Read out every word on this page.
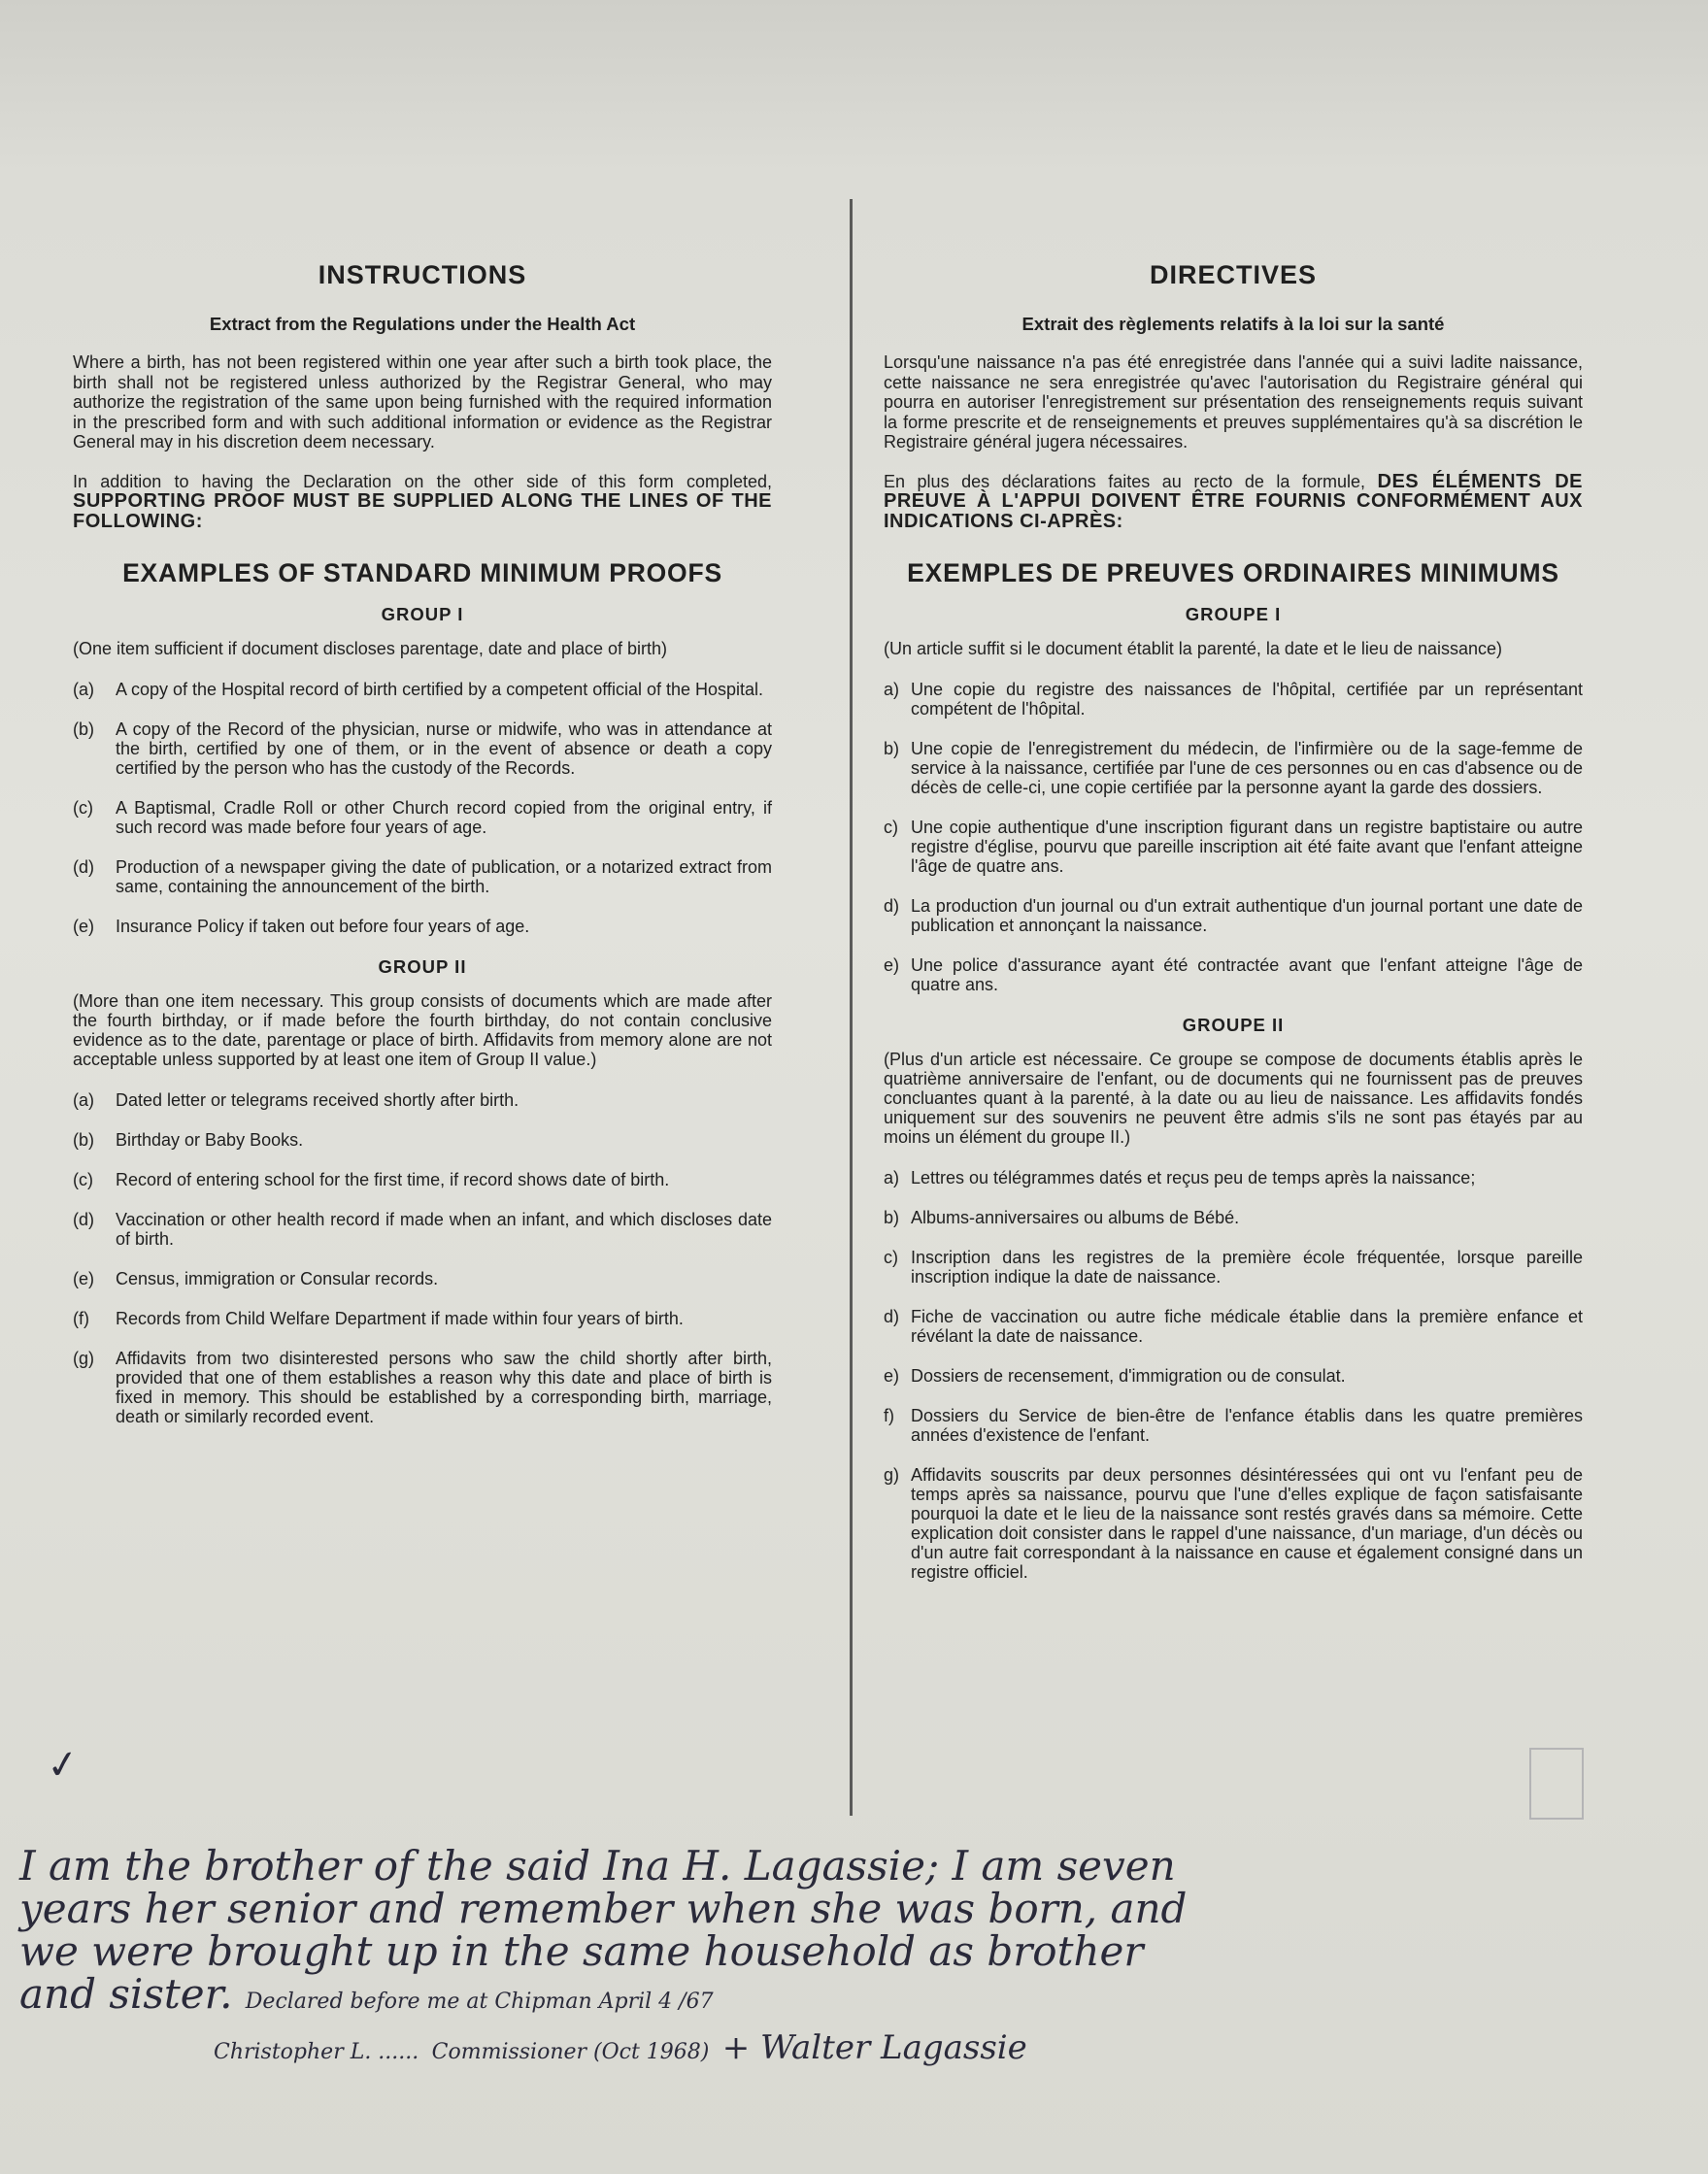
INSTRUCTIONS
Extract from the Regulations under the Health Act

Where a birth, has not been registered within one year after such a birth took place, the birth shall not be registered unless authorized by the Registrar General, who may authorize the registration of the same upon being furnished with the required information in the prescribed form and with such additional information or evidence as the Registrar General may in his discretion deem necessary.

In addition to having the Declaration on the other side of this form completed, SUPPORTING PROOF MUST BE SUPPLIED ALONG THE LINES OF THE FOLLOWING:

EXAMPLES OF STANDARD MINIMUM PROOFS
GROUP I
(One item sufficient if document discloses parentage, date and place of birth)
(a)	A copy of the Hospital record of birth certified by a competent official of the Hospital.
(b)	A copy of the Record of the physician, nurse or midwife, who was in attendance at the birth, certified by one of them, or in the event of absence or death a copy certified by the person who has the custody of the Records.
(c)	A Baptismal, Cradle Roll or other Church record copied from the original entry, if such record was made before four years of age.
(d)	Production of a newspaper giving the date of publication, or a notarized extract from same, containing the announcement of the birth.
(e)	Insurance Policy if taken out before four years of age.
GROUP II
(More than one item necessary. This group consists of documents which are made after the fourth birthday, or if made before the fourth birthday, do not contain conclusive evidence as to the date, parentage or place of birth. Affidavits from memory alone are not acceptable unless supported by at least one item of Group II value.)
(a)	Dated letter or telegrams received shortly after birth.
(b)	Birthday or Baby Books.
(c)	Record of entering school for the first time, if record shows date of birth.
(d)	Vaccination or other health record if made when an infant, and which discloses date of birth.
(e)	Census, immigration or Consular records.
(f)	Records from Child Welfare Department if made within four years of birth.
(g)	Affidavits from two disinterested persons who saw the child shortly after birth, provided that one of them establishes a reason why this date and place of birth is fixed in memory. This should be established by a corresponding birth, marriage, death or similarly recorded event.
DIRECTIVES
Extrait des règlements relatifs à la loi sur la santé

Lorsqu'une naissance n'a pas été enregistrée dans l'année qui a suivi ladite naissance, cette naissance ne sera enregistrée qu'avec l'autorisation du Registraire général qui pourra en autoriser l'enregistrement sur présentation des renseignements requis suivant la forme prescrite et de renseignements et preuves supplémentaires qu'à sa discrétion le Registraire général jugera nécessaires.

En plus des déclarations faites au recto de la formule, DES ÉLÉMENTS DE PREUVE À L'APPUI DOIVENT ÊTRE FOURNIS CONFORMÉMENT AUX INDICATIONS CI-APRÈS:

EXEMPLES DE PREUVES ORDINAIRES MINIMUMS
GROUPE I
(Un article suffit si le document établit la parenté, la date et le lieu de naissance)
a) Une copie du registre des naissances de l'hôpital, certifiée par un représentant compétent de l'hôpital.
b) Une copie de l'enregistrement du médecin, de l'infirmière ou de la sage-femme de service à la naissance, certifiée par l'une de ces personnes ou en cas d'absence ou de décès de celle-ci, une copie certifiée par la personne ayant la garde des dossiers.
c) Une copie authentique d'une inscription figurant dans un registre baptistaire ou autre registre d'église, pourvu que pareille inscription ait été faite avant que l'enfant atteigne l'âge de quatre ans.
d) La production d'un journal ou d'un extrait authentique d'un journal portant une date de publication et annonçant la naissance.
e) Une police d'assurance ayant été contractée avant que l'enfant atteigne l'âge de quatre ans.
GROUPE II
(Plus d'un article est nécessaire. Ce groupe se compose de documents établis après le quatrième anniversaire de l'enfant, ou de documents qui ne fournissent pas de preuves concluantes quant à la parenté, à la date ou au lieu de naissance. Les affidavits fondés uniquement sur des souvenirs ne peuvent être admis s'ils ne sont pas étayés par au moins un élément du groupe II.)
a) Lettres ou télégrammes datés et reçus peu de temps après la naissance;
b) Albums-anniversaires ou albums de Bébé.
c) Inscription dans les registres de la première école fréquentée, lorsque pareille inscription indique la date de naissance.
d) Fiche de vaccination ou autre fiche médicale établie dans la première enfance et révélant la date de naissance.
e) Dossiers de recensement, d'immigration ou de consulat.
f) Dossiers du Service de bien-être de l'enfance établis dans les quatre premières années d'existence de l'enfant.
g) Affidavits souscrits par deux personnes désintéressées qui ont vu l'enfant peu de temps après sa naissance, pourvu que l'une d'elles explique de façon satisfaisante pourquoi la date et le lieu de la naissance sont restés gravés dans sa mémoire. Cette explication doit consister dans le rappel d'une naissance, d'un mariage, d'un décès ou d'un autre fait correspondant à la naissance en cause et également consigné dans un registre officiel.
✓
I am the brother of the said Ina H. Lagassie; I am seven
years her senior and remember when she was born, and
we were brought up in the same household as brother
and sister. Declared before me at Chipman April 4 /67
Christopher L. ...... Commissioner (Oct 1968) + Walter Lagassie
